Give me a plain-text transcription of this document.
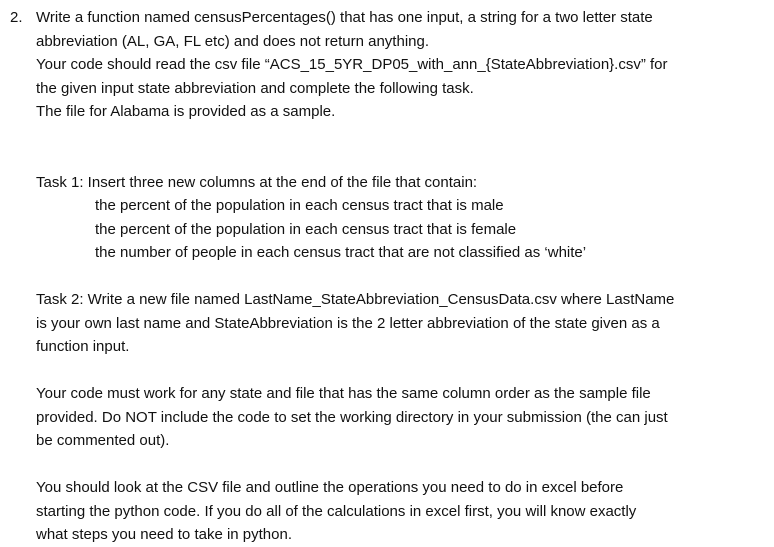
2. Write a function named censusPercentages() that has one input, a string for a two letter state
abbreviation (AL, GA, FL etc) and does not return anything.
Your code should read the csv file “ACS_15_5YR_DP05_with_ann_{StateAbbreviation}.csv” for
the given input state abbreviation and complete the following task.
The file for Alabama is provided as a sample.
Task 1: Insert three new columns at the end of the file that contain:
the percent of the population in each census tract that is male
the percent of the population in each census tract that is female
the number of people in each census tract that are not classified as ‘white’
Task 2: Write a new file named LastName_StateAbbreviation_CensusData.csv where LastName
is your own last name and StateAbbreviation is the 2 letter abbreviation of the state given as a
function input.
Your code must work for any state and file that has the same column order as the sample file
provided. Do NOT include the code to set the working directory in your submission (the can just
be commented out).
You should look at the CSV file and outline the operations you need to do in excel before
starting the python code. If you do all of the calculations in excel first, you will know exactly
what steps you need to take in python.
